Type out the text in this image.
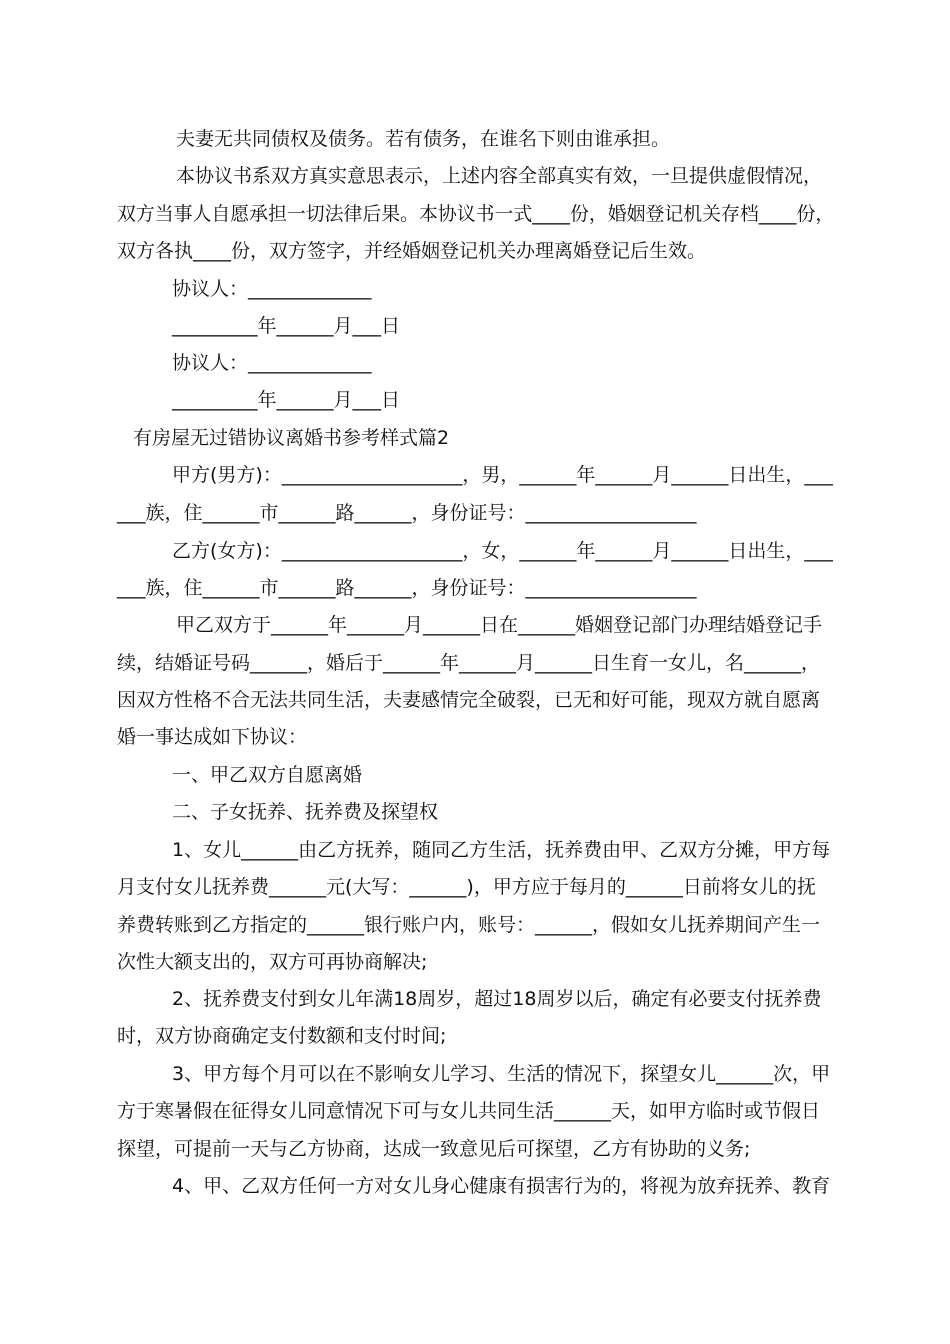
夫妻无共同债权及债务。若有债务，在谁名下则由谁承担。
本协议书系双方真实意思表示，上述内容全部真实有效，一旦提供虚假情况，
双方当事人自愿承担一切法律后果。本协议书一式____份，婚姻登记机关存档____份，
双方各执____份，双方签字，并经婚姻登记机关办理离婚登记后生效。
协议人：_____________
_________年______月___日
协议人：_____________
_________年______月___日
有房屋无过错协议离婚书参考样式篇2
甲方(男方)：___________________，男，______年______月______日出生，___
___族，住______市______路______，身份证号：__________________
乙方(女方)：___________________，女，______年______月______日出生，___
___族，住______市______路______，身份证号：__________________
甲乙双方于______年______月______日在______婚姻登记部门办理结婚登记手
续，结婚证号码______，婚后于______年______月______日生育一女儿，名______，
因双方性格不合无法共同生活，夫妻感情完全破裂，已无和好可能，现双方就自愿离
婚一事达成如下协议：
一、甲乙双方自愿离婚
二、子女抚养、抚养费及探望权
1、女儿______由乙方抚养，随同乙方生活，抚养费由甲、乙双方分摊，甲方每
月支付女儿抚养费______元(大写：______)，甲方应于每月的______日前将女儿的抚
养费转账到乙方指定的______银行账户内，账号：______，假如女儿抚养期间产生一
次性大额支出的，双方可再协商解决;
2、抚养费支付到女儿年满18周岁，超过18周岁以后，确定有必要支付抚养费
时，双方协商确定支付数额和支付时间;
3、甲方每个月可以在不影响女儿学习、生活的情况下，探望女儿______次，甲
方于寒暑假在征得女儿同意情况下可与女儿共同生活______天，如甲方临时或节假日
探望，可提前一天与乙方协商，达成一致意见后可探望，乙方有协助的义务;
4、甲、乙双方任何一方对女儿身心健康有损害行为的，将视为放弃抚养、教育
